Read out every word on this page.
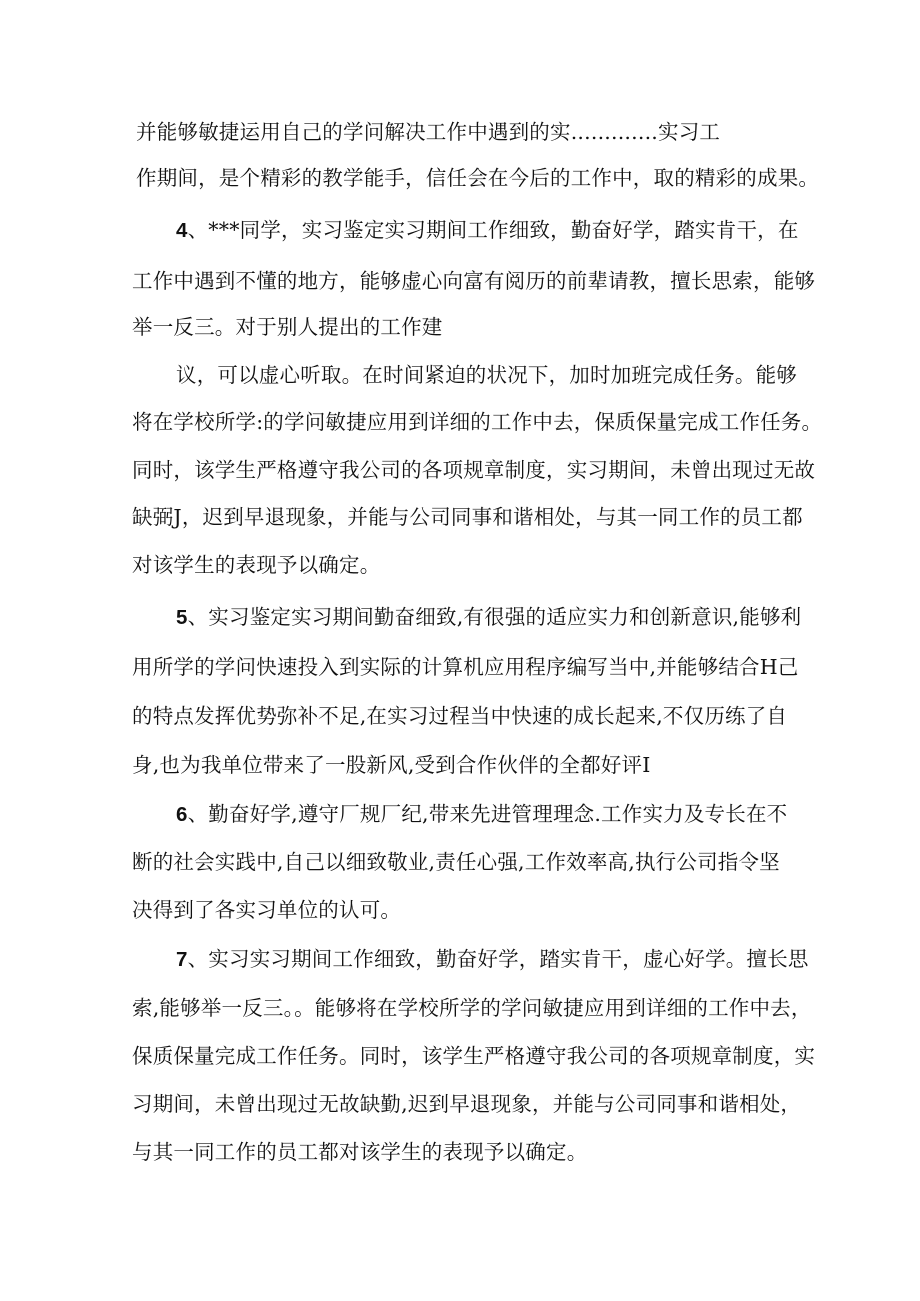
并能够敏捷运用自己的学问解决工作中遇到的实.............实习工
作期间，是个精彩的教学能手，信任会在今后的工作中，取的精彩的成果。
4、***同学，实习鉴定实习期间工作细致，勤奋好学，踏实肯干，在
工作中遇到不懂的地方，能够虚心向富有阅历的前辈请教，擅长思索，能够
举一反三。对于别人提出的工作建
议，可以虚心听取。在时间紧迫的状况下，加时加班完成任务。能够
将在学校所学:的学问敏捷应用到详细的工作中去，保质保量完成工作任务。
同时，该学生严格遵守我公司的各项规章制度，实习期间，未曾出现过无故
缺弼J，迟到早退现象，并能与公司同事和谐相处，与其一同工作的员工都
对该学生的表现予以确定。
5、实习鉴定实习期间勤奋细致,有很强的适应实力和创新意识,能够利
用所学的学问快速投入到实际的计算机应用程序编写当中,并能够结合H己
的特点发挥优势弥补不足,在实习过程当中快速的成长起来,不仅历练了自
身,也为我单位带来了一股新风,受到合作伙伴的全都好评I
6、勤奋好学,遵守厂规厂纪,带来先进管理理念.工作实力及专长在不
断的社会实践中,自己以细致敬业,责任心强,工作效率高,执行公司指令坚
决得到了各实习单位的认可。
7、实习实习期间工作细致，勤奋好学，踏实肯干，虚心好学。擅长思
索,能够举一反三。。能够将在学校所学的学问敏捷应用到详细的工作中去，
保质保量完成工作任务。同时，该学生严格遵守我公司的各项规章制度，实
习期间，未曾出现过无故缺勤,迟到早退现象，并能与公司同事和谐相处，
与其一同工作的员工都对该学生的表现予以确定。
